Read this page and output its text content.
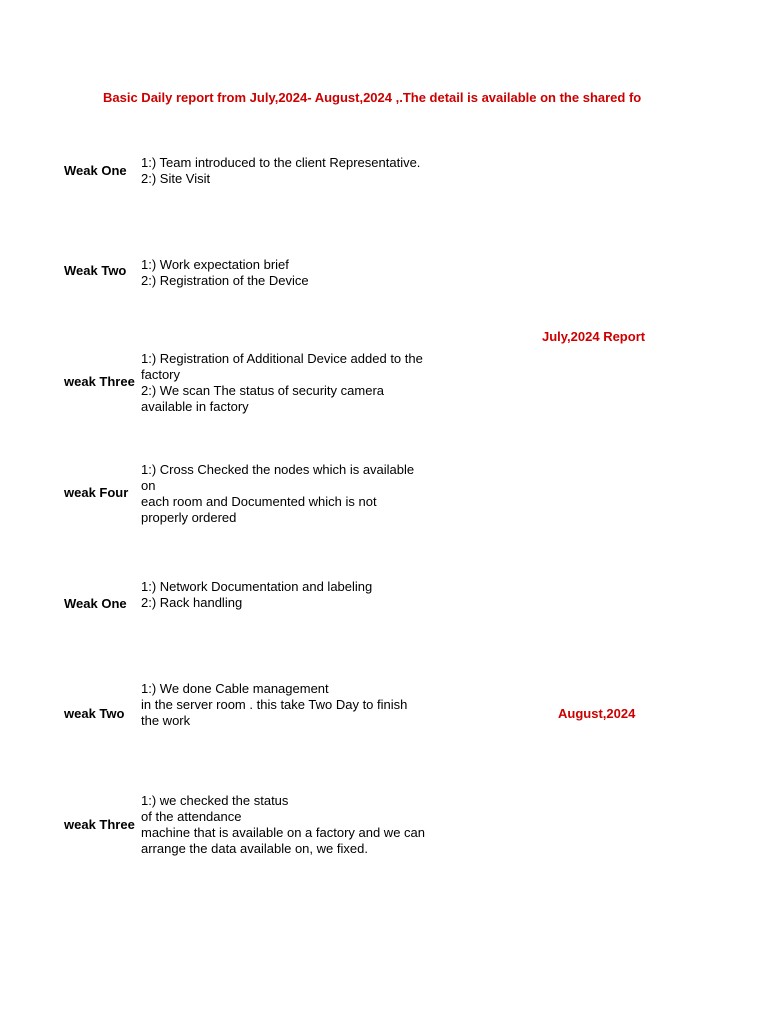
Basic Daily report from July,2024- August,2024 ,.The detail is available on the shared fo
Weak One
1:) Team introduced to the client Representative.
2:) Site Visit
Weak Two	1:) Work expectation brief
2:) Registration of the Device
weak Three
1:) Registration of Additional Device added to the
factory
2:) We scan The status of security camera
available in factory
weak Four
1:) Cross Checked the nodes which is available
on
each room and Documented which is not
properly ordered
July,2024 Report
Weak One
1:) Network Documentation and labeling
2:) Rack handling
weak Two
1:) We done Cable management
in the server room . this take Two Day to finish
the work
weak Three
1:) we checked the status
of the attendance
machine that is available on a factory and we can
arrange the data available on, we fixed.
August,2024
